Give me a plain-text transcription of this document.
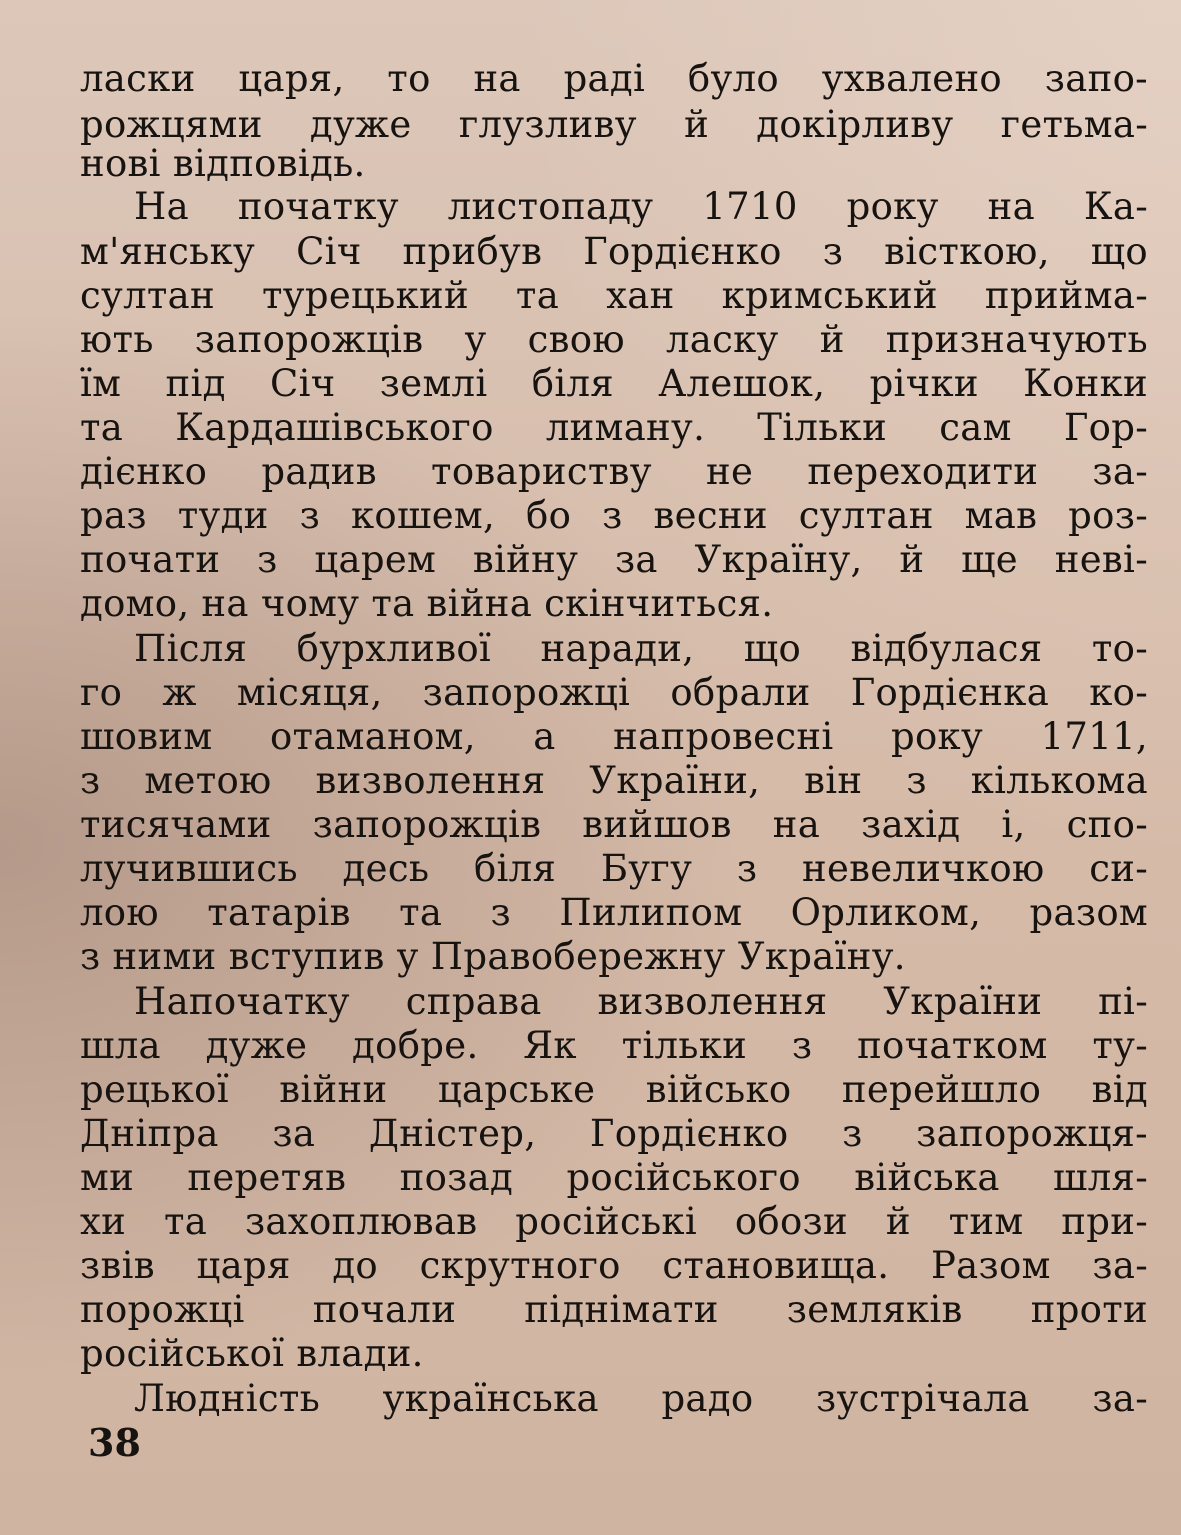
ласки царя, то на раді було ухвалено запо-

рожцями дуже глузливу й докірливу гетьма-

нові відповідь.

На початку листопаду 1710 року на Ка-

м'янську Січ прибув Гордієнко з вісткою, що

султан турецький та хан кримський прийма-

ють запорожців у свою ласку й призначують

їм під Січ землі біля Алешок, річки Конки

та Кардашівського лиману. Тільки сам Гор-

дієнко радив товариству не переходити за-

раз туди з кошем, бо з весни султан мав роз-

почати з царем війну за Україну, й ще неві-

домо, на чому та війна скінчиться.

Після бурхливої наради, що відбулася то-

го ж місяця, запорожці обрали Гордієнка ко-

шовим отаманом, а напровесні року 1711,

з метою визволення України, він з кількома

тисячами запорожців вийшов на захід і, спо-

лучившись десь біля Бугу з невеличкою си-

лою татарів та з Пилипом Орликом, разом

з ними вступив у Правобережну Україну.

Напочатку справа визволення України пі-

шла дуже добре. Як тільки з початком ту-

рецької війни царське військо перейшло від

Дніпра за Дністер, Гордієнко з запорожця-

ми перетяв позад російського війська шля-

хи та захоплював російські обози й тим при-

звів царя до скрутного становища. Разом за-

порожці почали піднімати земляків проти

російської влади.

Людність українська радо зустрічала за-

38
